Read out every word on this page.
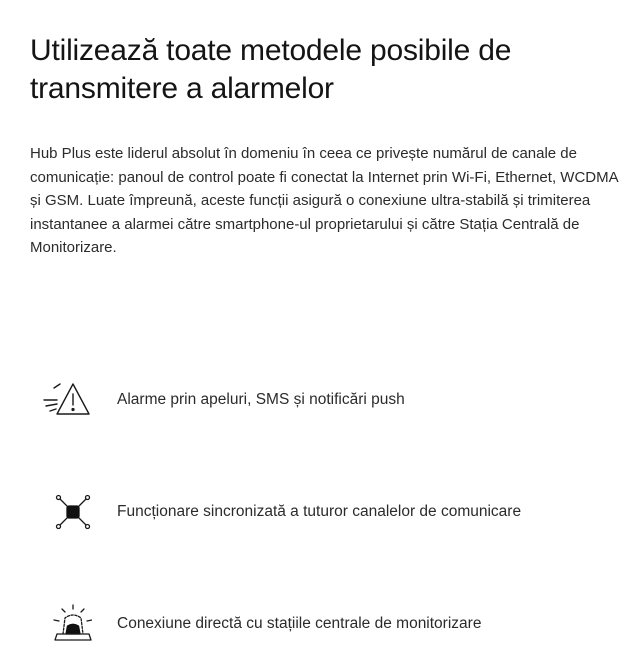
Utilizează toate metodele posibile de
transmitere a alarmelor

Hub Plus este liderul absolut în domeniu în ceea ce privește numărul de canale de comunicație: panoul de control poate fi conectat la Internet prin Wi-Fi, Ethernet, WCDMA și GSM. Luate împreună, aceste funcții asigură o conexiune ultra-stabilă și trimiterea instantanee a alarmei către smartphone-ul proprietarului și către Stația Centrală de Monitorizare.

Alarme prin apeluri, SMS și notificări push
Funcționare sincronizată a tuturor canalelor de comunicare
Conexiune directă cu stațiile centrale de monitorizare
